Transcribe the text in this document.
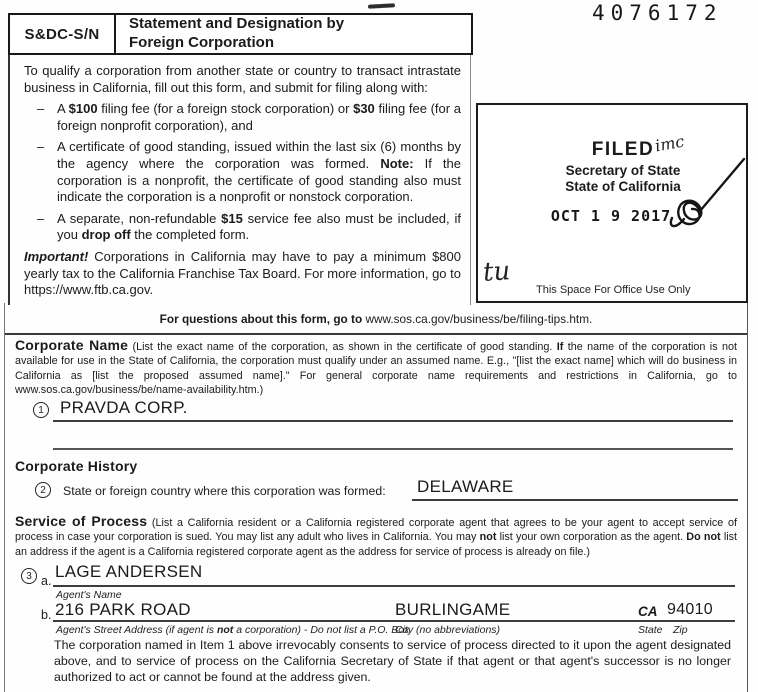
4076172
S&DC-S/N
Statement and Designation by
Foreign Corporation

To qualify a corporation from another state or country to transact intrastate business in California, fill out this form, and submit for filing along with:

– A $100 filing fee (for a foreign stock corporation) or $30 filing fee (for a foreign nonprofit corporation), and

– A certificate of good standing, issued within the last six (6) months by the agency where the corporation was formed. Note: If the corporation is a nonprofit, the certificate of good standing also must indicate the corporation is a nonprofit or nonstock corporation.

– A separate, non-refundable $15 service fee also must be included, if you drop off the completed form.

Important! Corporations in California may have to pay a minimum $800 yearly tax to the California Franchise Tax Board. For more information, go to https://www.ftb.ca.gov.

FILED imc
Secretary of State
State of California
OCT 1 9 2017
tu
This Space For Office Use Only
For questions about this form, go to www.sos.ca.gov/business/be/filing-tips.htm.
Corporate Name (List the exact name of the corporation, as shown in the certificate of good standing. If the name of the corporation is not available for use in the State of California, the corporation must qualify under an assumed name. E.g., "[list the exact name] which will do business in California as [list the proposed assumed name]." For general corporate name requirements and restrictions in California, go to www.sos.ca.gov/business/be/name-availability.htm.)
1 PRAVDA CORP.
Corporate History
2 State or foreign country where this corporation was formed: DELAWARE
Service of Process (List a California resident or a California registered corporate agent that agrees to be your agent to accept service of process in case your corporation is sued. You may list any adult who lives in California. You may not list your own corporation as the agent. Do not list an address if the agent is a California registered corporate agent as the address for service of process is already on file.)
3 a. LAGE ANDERSEN
Agent's Name
b. 216 PARK ROAD	BURLINGAME	CA 94010
Agent's Street Address (if agent is not a corporation) - Do not list a P.O. Box
City (no abbreviations)	State Zip
The corporation named in Item 1 above irrevocably consents to service of process directed to it upon the agent designated above, and to service of process on the California Secretary of State if that agent or that agent's successor is no longer authorized to act or cannot be found at the address given.
